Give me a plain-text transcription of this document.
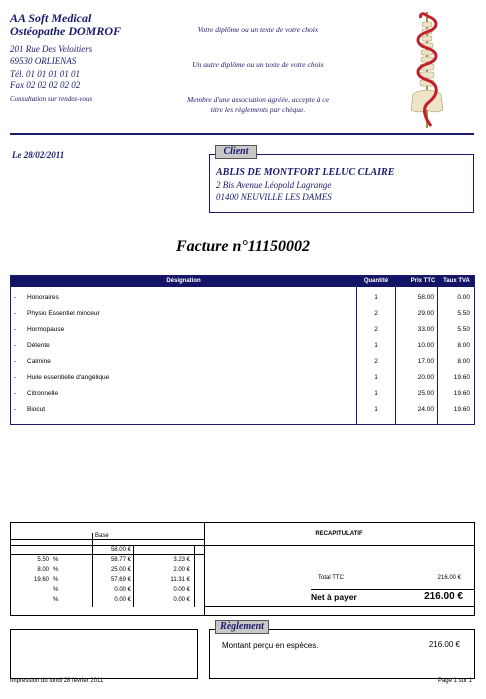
AA Soft Medical
Ostéopathe DOMROF
201 Rue Des Veloitiers
69530 ORLIENAS
Tél. 01 01 01 01 01
Fax 02 02 02 02 02
Consultation sur rendez-vous
Votre diplôme ou un texte de votre choix
Un autre diplôme ou un texte de votre choix
Membre d'une association agréée, accepte à ce
titre les règlements par chèque.
Le 28/02/2011
ABLIS DE MONTFORT LELUC CLAIRE
2 Bis Avenue Léopold Lagrange
01400 NEUVILLE LES DAMES
Client
Facture n°11150002
Désignation	Quantité	Prix TTC	Taux TVA
-	Honoraires	1	58.00	0.00
-	Physio Essentiel minceur	2	29.00	5.50
-	Hormopause	2	33.00	5.50
-	Détente	1	10.00	8.00
-	Calmine	2	17.00	8.00
-	Huile essentielle d'angélique	1	20.00	19.60
-	Citronnelle	1	25.00	19.60
-	Biocut	1	24.00	19.60
RECAPITULATIF
Base
58.00 €
5.50 %	58.77 €	3.23 €
8.00 %	25.00 €	2.00 €
19.60 %	57.69 €	11.31 €
%	0.00 €	0.00 €
%	0.00 €	0.00 €
Total TTC	216.00 €
Net à payer	216.00 €
Montant perçu en espèces.	216.00 €
Règlement
Impression du lundi 28 février 2011	Page 1 sur 1
